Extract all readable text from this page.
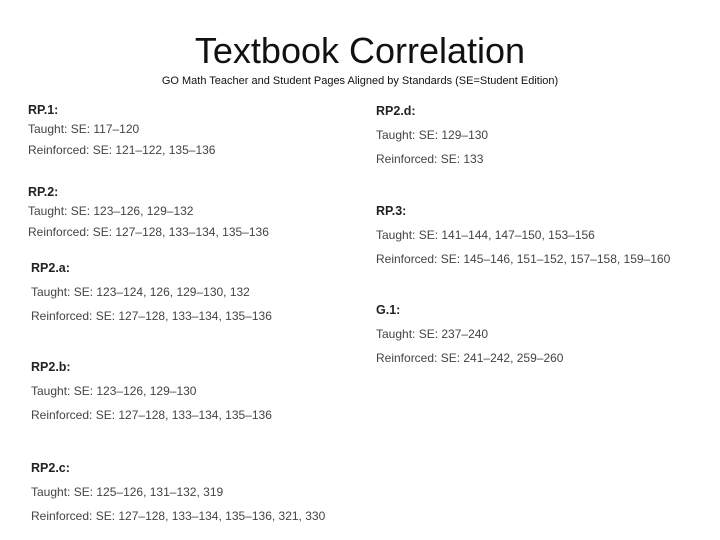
Textbook Correlation
GO Math Teacher and Student Pages Aligned by Standards (SE=Student Edition)
RP.1:
Taught: SE: 117–120
Reinforced: SE: 121–122, 135–136
RP.2:
Taught: SE: 123–126, 129–132
Reinforced: SE: 127–128, 133–134, 135–136
RP2.a:
Taught: SE: 123–124, 126, 129–130, 132
Reinforced: SE: 127–128, 133–134, 135–136
RP2.b:
Taught: SE: 123–126, 129–130
Reinforced: SE: 127–128, 133–134, 135–136
RP2.c:
Taught: SE: 125–126, 131–132, 319
Reinforced: SE: 127–128, 133–134, 135–136, 321, 330
RP2.d:
Taught: SE: 129–130
Reinforced: SE: 133
RP.3:
Taught: SE: 141–144, 147–150, 153–156
Reinforced: SE: 145–146, 151–152, 157–158, 159–160
G.1:
Taught: SE: 237–240
Reinforced: SE: 241–242, 259–260
